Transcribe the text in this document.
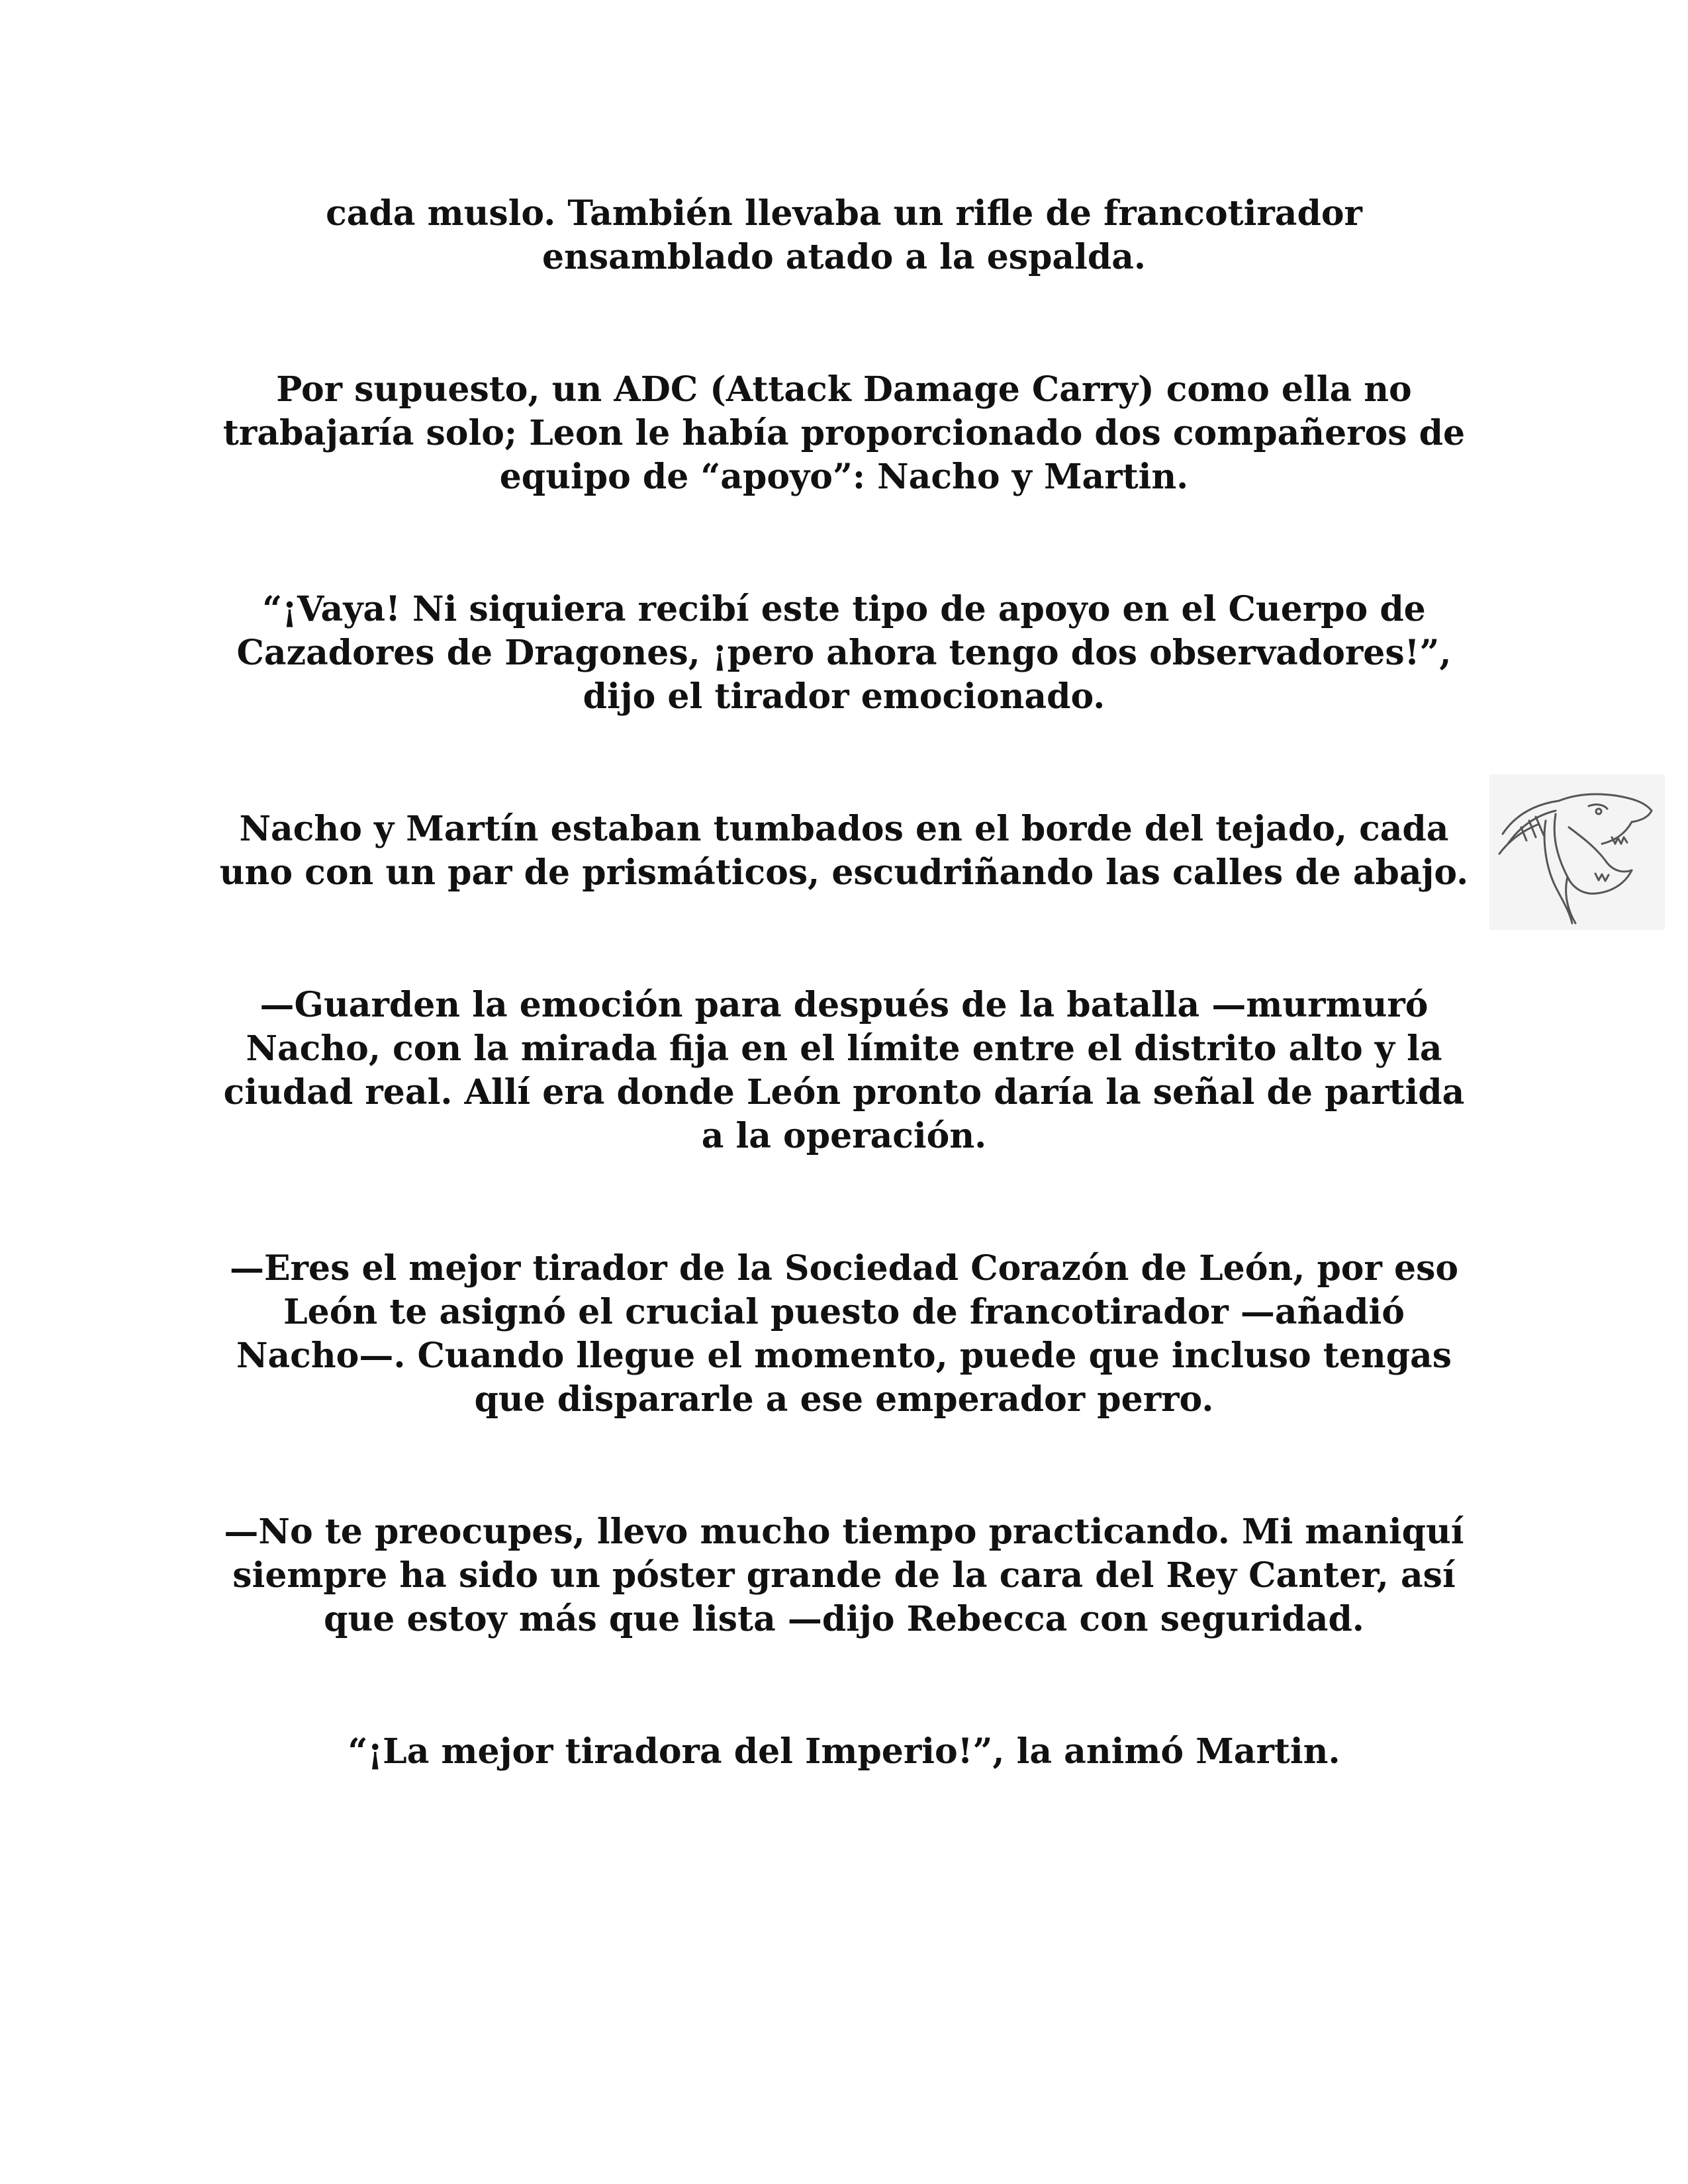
cada muslo. También llevaba un rifle de francotirador ensamblado atado a la espalda.

Por supuesto, un ADC (Attack Damage Carry) como ella no trabajaría solo; Leon le había proporcionado dos compañeros de equipo de “apoyo”: Nacho y Martin.

“¡Vaya! Ni siquiera recibí este tipo de apoyo en el Cuerpo de Cazadores de Dragones, ¡pero ahora tengo dos observadores!”, dijo el tirador emocionado.

Nacho y Martín estaban tumbados en el borde del tejado, cada uno con un par de prismáticos, escudriñando las calles de abajo.

—Guarden la emoción para después de la batalla —murmuró Nacho, con la mirada fija en el límite entre el distrito alto y la ciudad real. Allí era donde León pronto daría la señal de partida a la operación.

—Eres el mejor tirador de la Sociedad Corazón de León, por eso León te asignó el crucial puesto de francotirador —añadió Nacho—. Cuando llegue el momento, puede que incluso tengas que dispararle a ese emperador perro.

—No te preocupes, llevo mucho tiempo practicando. Mi maniquí siempre ha sido un póster grande de la cara del Rey Canter, así que estoy más que lista —dijo Rebecca con seguridad.

“¡La mejor tiradora del Imperio!”, la animó Martin.
